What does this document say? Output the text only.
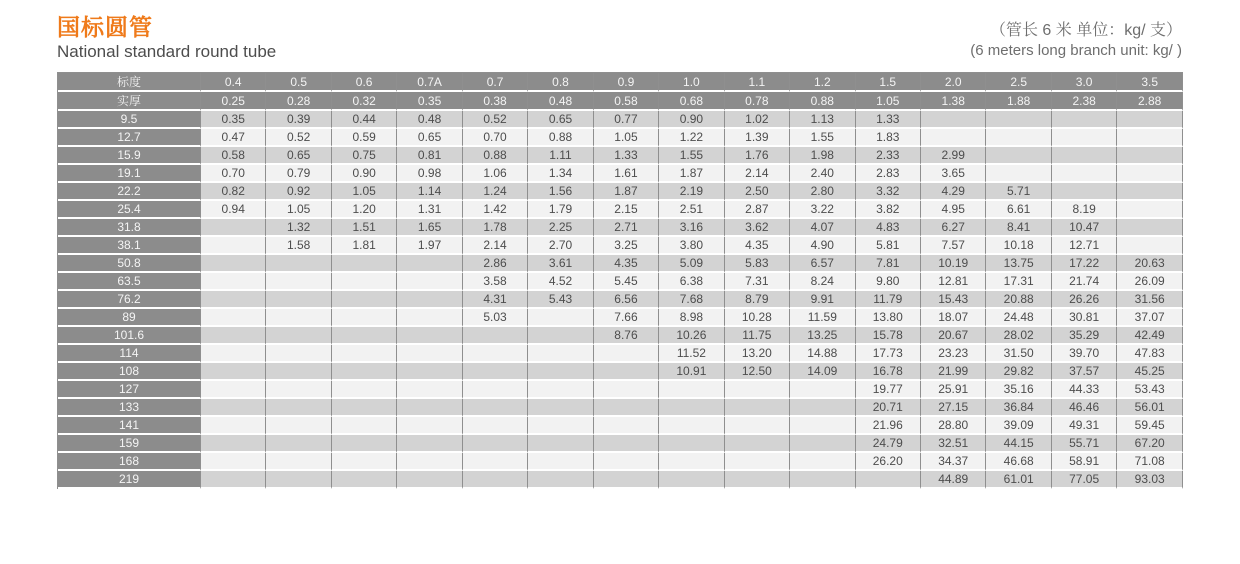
国标圆管
National standard round tube
（管长 6 米 单位：kg/ 支）
(6 meters long branch unit: kg/ )
标度	0.4	0.5	0.6	0.7A	0.7	0.8	0.9	1.0	1.1	1.2	1.5	2.0	2.5	3.0	3.5
实厚	0.25	0.28	0.32	0.35	0.38	0.48	0.58	0.68	0.78	0.88	1.05	1.38	1.88	2.38	2.88
9.5	0.35	0.39	0.44	0.48	0.52	0.65	0.77	0.90	1.02	1.13	1.33				
12.7	0.47	0.52	0.59	0.65	0.70	0.88	1.05	1.22	1.39	1.55	1.83				
15.9	0.58	0.65	0.75	0.81	0.88	1.11	1.33	1.55	1.76	1.98	2.33	2.99			
19.1	0.70	0.79	0.90	0.98	1.06	1.34	1.61	1.87	2.14	2.40	2.83	3.65			
22.2	0.82	0.92	1.05	1.14	1.24	1.56	1.87	2.19	2.50	2.80	3.32	4.29	5.71		
25.4	0.94	1.05	1.20	1.31	1.42	1.79	2.15	2.51	2.87	3.22	3.82	4.95	6.61	8.19	
31.8		1.32	1.51	1.65	1.78	2.25	2.71	3.16	3.62	4.07	4.83	6.27	8.41	10.47	
38.1		1.58	1.81	1.97	2.14	2.70	3.25	3.80	4.35	4.90	5.81	7.57	10.18	12.71	
50.8					2.86	3.61	4.35	5.09	5.83	6.57	7.81	10.19	13.75	17.22	20.63
63.5					3.58	4.52	5.45	6.38	7.31	8.24	9.80	12.81	17.31	21.74	26.09
76.2					4.31	5.43	6.56	7.68	8.79	9.91	11.79	15.43	20.88	26.26	31.56
89					5.03		7.66	8.98	10.28	11.59	13.80	18.07	24.48	30.81	37.07
101.6							8.76	10.26	11.75	13.25	15.78	20.67	28.02	35.29	42.49
114								11.52	13.20	14.88	17.73	23.23	31.50	39.70	47.83
108								10.91	12.50	14.09	16.78	21.99	29.82	37.57	45.25
127											19.77	25.91	35.16	44.33	53.43
133											20.71	27.15	36.84	46.46	56.01
141											21.96	28.80	39.09	49.31	59.45
159											24.79	32.51	44.15	55.71	67.20
168											26.20	34.37	46.68	58.91	71.08
219												44.89	61.01	77.05	93.03
